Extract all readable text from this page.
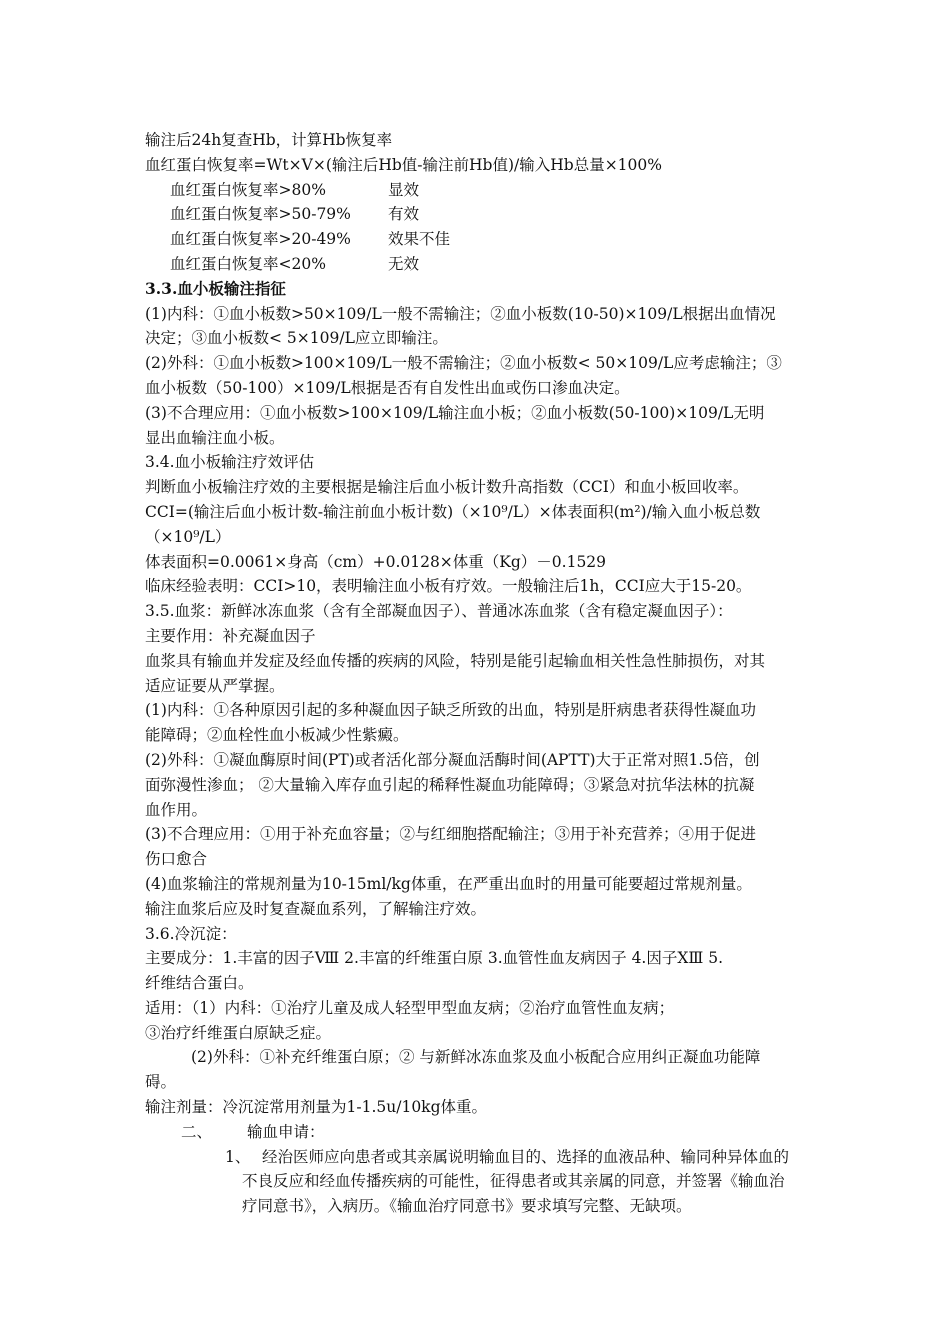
输注后24h复查Hb，计算Hb恢复率
血红蛋白恢复率=Wt×V×(输注后Hb值-输注前Hb值)/输入Hb总量×100%
血红蛋白恢复率>80%	显效
血红蛋白恢复率>50-79%	有效
血红蛋白恢复率>20-49%	效果不佳
血红蛋白恢复率<20%	无效
3.3.血小板输注指征
(1)内科：①血小板数>50×109/L一般不需输注；②血小板数(10-50)×109/L根据出血情况
决定；③血小板数< 5×109/L应立即输注。
(2)外科：①血小板数>100×109/L一般不需输注；②血小板数< 50×109/L应考虑输注；③
血小板数（50-100）×109/L根据是否有自发性出血或伤口渗血决定。
(3)不合理应用：①血小板数>100×109/L输注血小板；②血小板数(50-100)×109/L无明
显出血输注血小板。
3.4.血小板输注疗效评估
判断血小板输注疗效的主要根据是输注后血小板计数升高指数（CCI）和血小板回收率。
CCI=(输注后血小板计数-输注前血小板计数)（×10⁹/L）×体表面积(m²)/输入血小板总数
（×10⁹/L）
体表面积=0.0061×身高（cm）+0.0128×体重（Kg）－0.1529
临床经验表明：CCI>10，表明输注血小板有疗效。一般输注后1h，CCI应大于15-20。
3.5.血浆：新鲜冰冻血浆（含有全部凝血因子）、普通冰冻血浆（含有稳定凝血因子）：
主要作用：补充凝血因子
血浆具有输血并发症及经血传播的疾病的风险，特别是能引起输血相关性急性肺损伤，对其
适应证要从严掌握。
(1)内科：①各种原因引起的多种凝血因子缺乏所致的出血，特别是肝病患者获得性凝血功
能障碍；②血栓性血小板减少性紫癜。
(2)外科：①凝血酶原时间(PT)或者活化部分凝血活酶时间(APTT)大于正常对照1.5倍，创
面弥漫性渗血； ②大量输入库存血引起的稀释性凝血功能障碍；③紧急对抗华法林的抗凝
血作用。
(3)不合理应用：①用于补充血容量；②与红细胞搭配输注；③用于补充营养；④用于促进
伤口愈合
(4)血浆输注的常规剂量为10-15ml/kg体重，在严重出血时的用量可能要超过常规剂量。
输注血浆后应及时复查凝血系列，了解输注疗效。
3.6.冷沉淀：
主要成分：1.丰富的因子Ⅷ 2.丰富的纤维蛋白原 3.血管性血友病因子 4.因子ⅩⅢ 5.
纤维结合蛋白。
适用：（1）内科：①治疗儿童及成人轻型甲型血友病；②治疗血管性血友病；
③治疗纤维蛋白原缺乏症。
(2)外科：①补充纤维蛋白原；② 与新鲜冰冻血浆及血小板配合应用纠正凝血功能障
碍。
输注剂量：冷沉淀常用剂量为1-1.5u/10kg体重。
二、	输血申请：
1、 经治医师应向患者或其亲属说明输血目的、选择的血液品种、输同种异体血的
不良反应和经血传播疾病的可能性，征得患者或其亲属的同意，并签署《输血治
疗同意书》，入病历。《输血治疗同意书》要求填写完整、无缺项。
